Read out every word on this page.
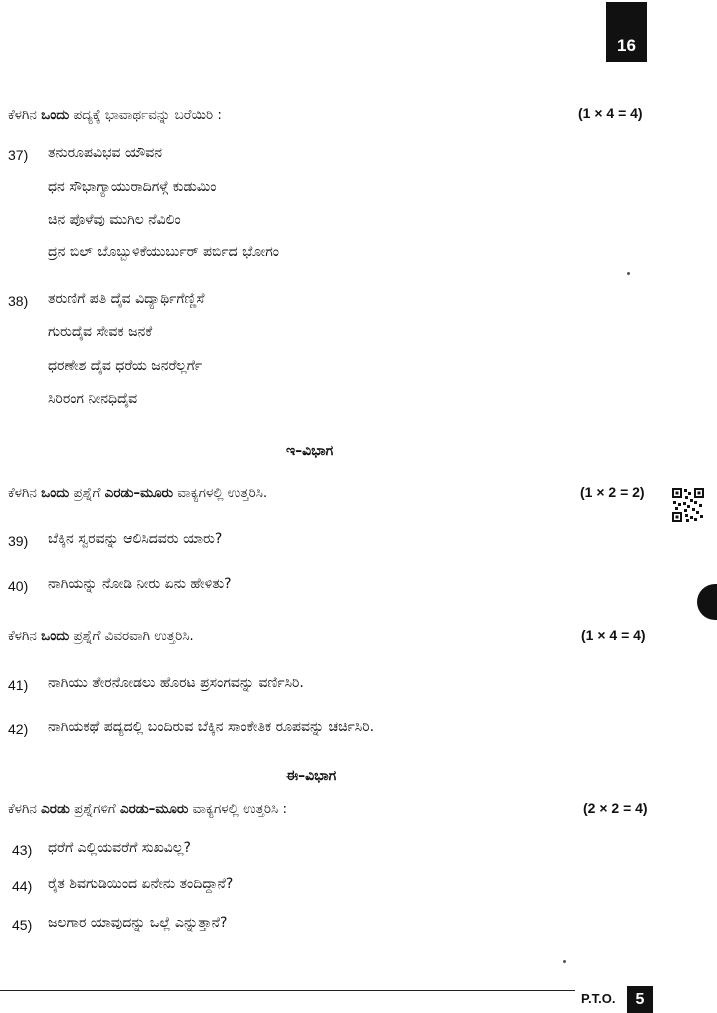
16
ಕೆಳಗಿನ ಒಂದು ಪದ್ಯಕ್ಕೆ ಭಾವಾರ್ಥವನ್ನು ಬರೆಯಿರಿ :	(1 × 4 = 4)
37) ತನುರೂಪವಿಭವ ಯೌವನ
ಧನ ಸೌಭಾಗ್ಯಾಯುರಾದಿಗಳ್ಗೆ ಕುಡುಮಿಂ
ಚಿನ ಪೊಳೆವು ಮುಗಿಲ ನೆವಿಲಿಂ
ದ್ರನ ಬಿಲ್ ಬೊಬ್ಬುಳಿಕೆಯುರ್ಬುರ್ ಪರ್ಬಿದ ಭೋಗಂ
38) ತರುಣಿಗೆ ಪತಿ ದೈವ ವಿದ್ಯಾರ್ಥಿಗೆಣ್ಣಿಸೆ
ಗುರುದೈವ ಸೇವಕ ಜನಕೆ
ಧರಣೇಶ ದೈವ ಧರೆಯ ಜನರೆಲ್ಲರ್ಗೆ
ಸಿರಿರಂಗ ನೀನಧಿದೈವ
ಇ–ವಿಭಾಗ
ಕೆಳಗಿನ ಒಂದು ಪ್ರಶ್ನೆಗೆ ಎರಡು–ಮೂರು ವಾಕ್ಯಗಳಲ್ಲಿ ಉತ್ತರಿಸಿ.	(1 × 2 = 2)
39) ಬೆಕ್ಕಿನ ಸ್ವರವನ್ನು ಆಲಿಸಿದವರು ಯಾರು?
40) ನಾಗಿಯನ್ನು ನೋಡಿ ನೀರು ಏನು ಹೇಳಿತು?
ಕೆಳಗಿನ ಒಂದು ಪ್ರಶ್ನೆಗೆ ವಿವರವಾಗಿ ಉತ್ತರಿಸಿ.	(1 × 4 = 4)
41) ನಾಗಿಯು ತೇರನೋಡಲು ಹೊರಟ ಪ್ರಸಂಗವನ್ನು ವರ್ಣಿಸಿರಿ.
42) ನಾಗಿಯಕಥೆ ಪದ್ಯದಲ್ಲಿ ಬಂದಿರುವ ಬೆಕ್ಕಿನ ಸಾಂಕೇತಿಕ ರೂಪವನ್ನು ಚರ್ಚಿಸಿರಿ.
ಈ–ವಿಭಾಗ
ಕೆಳಗಿನ ಎರಡು ಪ್ರಶ್ನೆಗಳಿಗೆ ಎರಡು–ಮೂರು ವಾಕ್ಯಗಳಲ್ಲಿ ಉತ್ತರಿಸಿ :	(2 × 2 = 4)
43) ಧರೆಗೆ ಎಲ್ಲಿಯವರೆಗೆ ಸುಖವಿಲ್ಲ?
44) ರೈತ ಶಿವಗುಡಿಯಿಂದ ಏನೇನು ತಂದಿದ್ದಾನೆ?
45) ಜಲಗಾರ ಯಾವುದನ್ನು ಒಲ್ಲೆ ಎನ್ನುತ್ತಾನೆ?
P.T.O. 5
